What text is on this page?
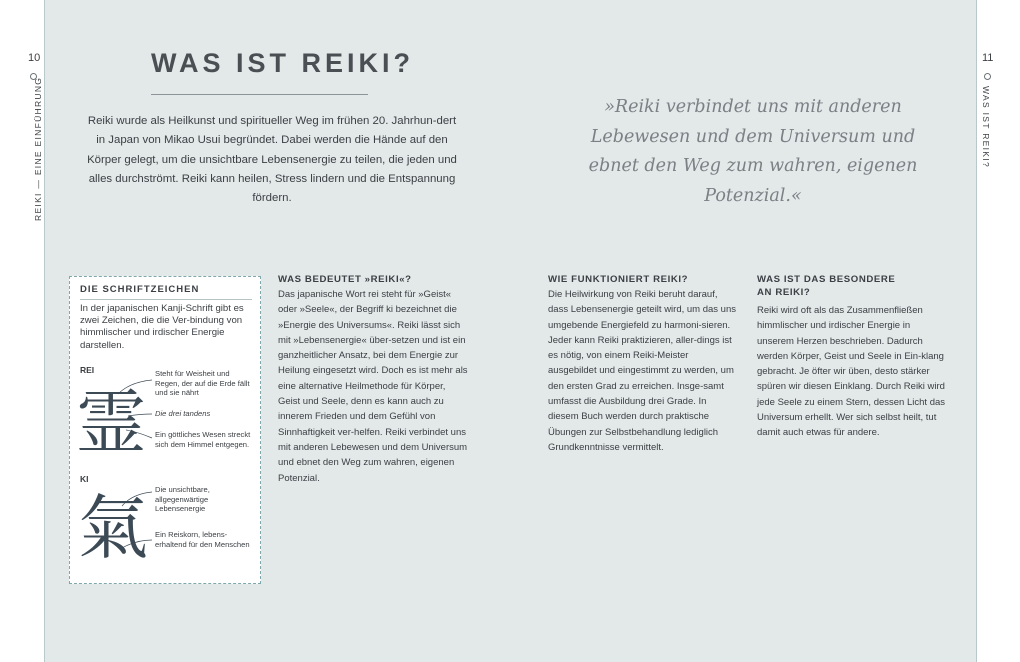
10
REIKI — EINE EINFÜHRUNG
11
WAS IST REIKI?
WAS IST REIKI?

Reiki wurde als Heilkunst und spiritueller Weg im frühen 20. Jahrhun-dert in Japan von Mikao Usui begründet. Dabei werden die Hände auf den Körper gelegt, um die unsichtbare Lebensenergie zu teilen, die jeden und alles durchströmt. Reiki kann heilen, Stress lindern und die Entspannung fördern.

»Reiki verbindet uns mit anderen Lebewesen und dem Universum und ebnet den Weg zum wahren, eigenen Potenzial.«

DIE SCHRIFTZEICHEN

In der japanischen Kanji-Schrift gibt es zwei Zeichen, die die Ver-bindung von himmlischer und irdischer Energie darstellen.

REI
霊

Steht für Weisheit und Regen, der auf die Erde fällt und sie nährt

Die drei tandens

Ein göttliches Wesen streckt sich dem Himmel entgegen.

KI
氣 Die unsichtbare, allgegenwärtige Lebensenergie

Ein Reiskorn, lebens-erhaltend für den Menschen

WAS BEDEUTET »REIKI«?

Das japanische Wort rei steht für »Geist« oder »Seele«, der Begriff ki bezeichnet die »Energie des Universums«. Reiki lässt sich mit »Lebensenergie« über-setzen und ist ein ganzheitlicher Ansatz, bei dem Energie zur Heilung eingesetzt wird. Doch es ist mehr als eine alternative Heilmethode für Körper, Geist und Seele, denn es kann auch zu innerem Frieden und dem Gefühl von Sinnhaftigkeit ver-helfen. Reiki verbindet uns mit anderen Lebewesen und dem Universum und ebnet den Weg zum wahren, eigenen Potenzial.

WIE FUNKTIONIERT REIKI?

Die Heilwirkung von Reiki beruht darauf, dass Lebensenergie geteilt wird, um das uns umgebende Energiefeld zu harmoni-sieren. Jeder kann Reiki praktizieren, aller-dings ist es nötig, von einem Reiki-Meister ausgebildet und eingestimmt zu werden, um den ersten Grad zu erreichen. Insge-samt umfasst die Ausbildung drei Grade. In diesem Buch werden durch praktische Übungen zur Selbstbehandlung lediglich Grundkenntnisse vermittelt.

WAS IST DAS BESONDERE AN REIKI?

Reiki wird oft als das Zusammenfließen himmlischer und irdischer Energie in unserem Herzen beschrieben. Dadurch werden Körper, Geist und Seele in Ein-klang gebracht. Je öfter wir üben, desto stärker spüren wir diesen Einklang. Durch Reiki wird jede Seele zu einem Stern, dessen Licht das Universum erhellt. Wer sich selbst heilt, tut damit auch etwas für andere.
